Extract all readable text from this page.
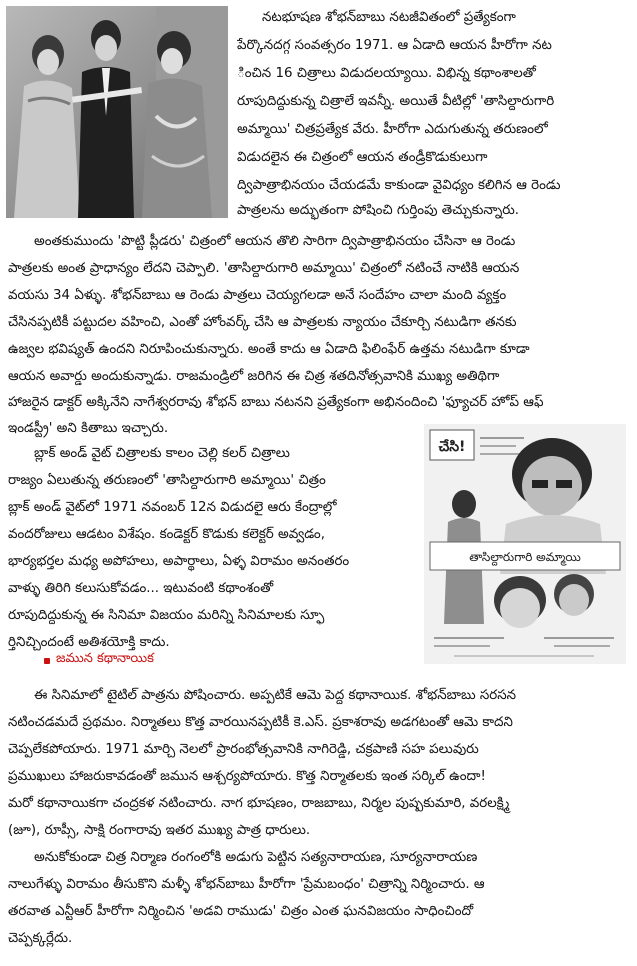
నటభూషణ శోభన్‌బాబు నటజీవితంలో ప్రత్యేకంగా
పేర్కొనదగ్గ సంవత్సరం 1971. ఆ ఏడాది ఆయన హీరోగా నట
ించిన 16 చిత్రాలు విడుదలయ్యాయి. విభిన్న కథాంశాలతో
రూపుదిద్దుకున్న చిత్రాలే ఇవన్నీ. అయితే వీటిల్లో 'తాసిల్దారుగారి
అమ్మాయి' చిత్రప్రత్యేక వేరు. హీరోగా ఎదుగుతున్న తరుణంలో
విడుదలైన ఈ చిత్రంలో ఆయన తండ్రీకొడుకులుగా
ద్విపాత్రాభినయం చేయడమే కాకుండా వైవిధ్యం కలిగిన ఆ రెండు
పాత్రలను అద్భుతంగా పోషించి గుర్తింపు తెచ్చుకున్నారు.
అంతకుముందు 'పొట్టి ప్లీడరు' చిత్రంలో ఆయన తొలి సారిగా ద్విపాత్రాభినయం చేసినా ఆ రెండు
పాత్రలకు అంత ప్రాధాన్యం లేదని చెప్పాలి. 'తాసిల్దారుగారి అమ్మాయి' చిత్రంలో నటించే నాటికి ఆయన
వయసు 34 ఏళ్ళు. శోభన్‌బాబు ఆ రెండు పాత్రలు చెయ్యగలడా అనే సందేహం చాలా మంది వ్యక్తం
చేసినప్పటికీ పట్టుదల వహించి, ఎంతో హోంవర్క్ చేసి ఆ పాత్రలకు న్యాయం చేకూర్చి నటుడిగా తనకు
ఉజ్వల భవిష్యత్ ఉందని నిరూపించుకున్నారు. అంతే కాదు ఆ ఏడాది ఫిలింఫేర్ ఉత్తమ నటుడిగా కూడా
ఆయన అవార్డు అందుకున్నాడు. రాజమండ్రిలో జరిగిన ఈ చిత్ర శతదినోత్సవానికి ముఖ్య అతిథిగా
హాజరైన డాక్టర్ అక్కినేని నాగేశ్వరరావు శోభన్ బాబు నటనని ప్రత్యేకంగా అభినందించి 'ఫ్యూచర్ హోప్ ఆఫ్
ఇండస్ట్రీ' అని కితాబు ఇచ్చారు.
బ్లాక్ అండ్ వైట్ చిత్రాలకు కాలం చెల్లి కలర్ చిత్రాలు
రాజ్యం ఏలుతున్న తరుణంలో 'తాసిల్దారుగారి అమ్మాయి' చిత్రం
బ్లాక్ అండ్ వైట్‌లో 1971 నవంబర్ 12న విడుదలై ఆరు కేంద్రాల్లో
వందరోజులు ఆడటం విశేషం. కండెక్టర్ కొడుకు కలెక్టర్ అవ్వడం,
భార్యభర్తల మధ్య అపోహలు, అపార్థాలు, ఏళ్ళ విరామం అనంతరం
వాళ్ళు తిరిగి కలుసుకోవడం... ఇటువంటి కథాంశంతో
రూపుదిద్దుకున్న ఈ సినిమా విజయం మరిన్ని సినిమాలకు స్ఫూ
ర్తినిచ్చిందంటే అతిశయోక్తి కాదు.
చేసి!
తాసిల్దారుగారి అమ్మాయి
జమున కథానాయిక
ఈ సినిమాలో టైటిల్ పాత్రను పోషించారు. అప్పటికే ఆమె పెద్ద కథానాయిక. శోభన్‌బాబు సరసన
నటించడమదే ప్రథమం. నిర్మాతలు కొత్త వారయినప్పటికీ కె.ఎస్. ప్రకాశరావు అడగటంతో ఆమె కాదని
చెప్పలేకపోయారు. 1971 మార్చి నెలలో ప్రారంభోత్సవానికి నాగిరెడ్డి, చక్రపాణి సహ పలువురు
ప్రముఖులు హాజరుకావడంతో జమున ఆశ్చర్యపోయారు. కొత్త నిర్మాతలకు ఇంత సర్కిల్ ఉందా!
మరో కథానాయికగా చంద్రకళ నటించారు. నాగ భూషణం, రాజబాబు, నిర్మల పుష్పకుమారి, వరలక్ష్మి
(జూ), రూప్సీ, సాక్షి రంగారావు ఇతర ముఖ్య పాత్ర ధారులు.
అనుకోకుండా చిత్ర నిర్మాణ రంగంలోకి అడుగు పెట్టిన సత్యనారాయణ, సూర్యనారాయణ
నాలుగేళ్ళు విరామం తీసుకొని మళ్ళీ శోభన్‌బాబు హీరోగా 'ప్రేమబంధం' చిత్రాన్ని నిర్మించారు. ఆ
తరవాత ఎన్టీఆర్ హీరోగా నిర్మించిన 'అడవి రాముడు' చిత్రం ఎంత ఘనవిజయం సాధించిందో
చెప్పక్కర్లేదు.
